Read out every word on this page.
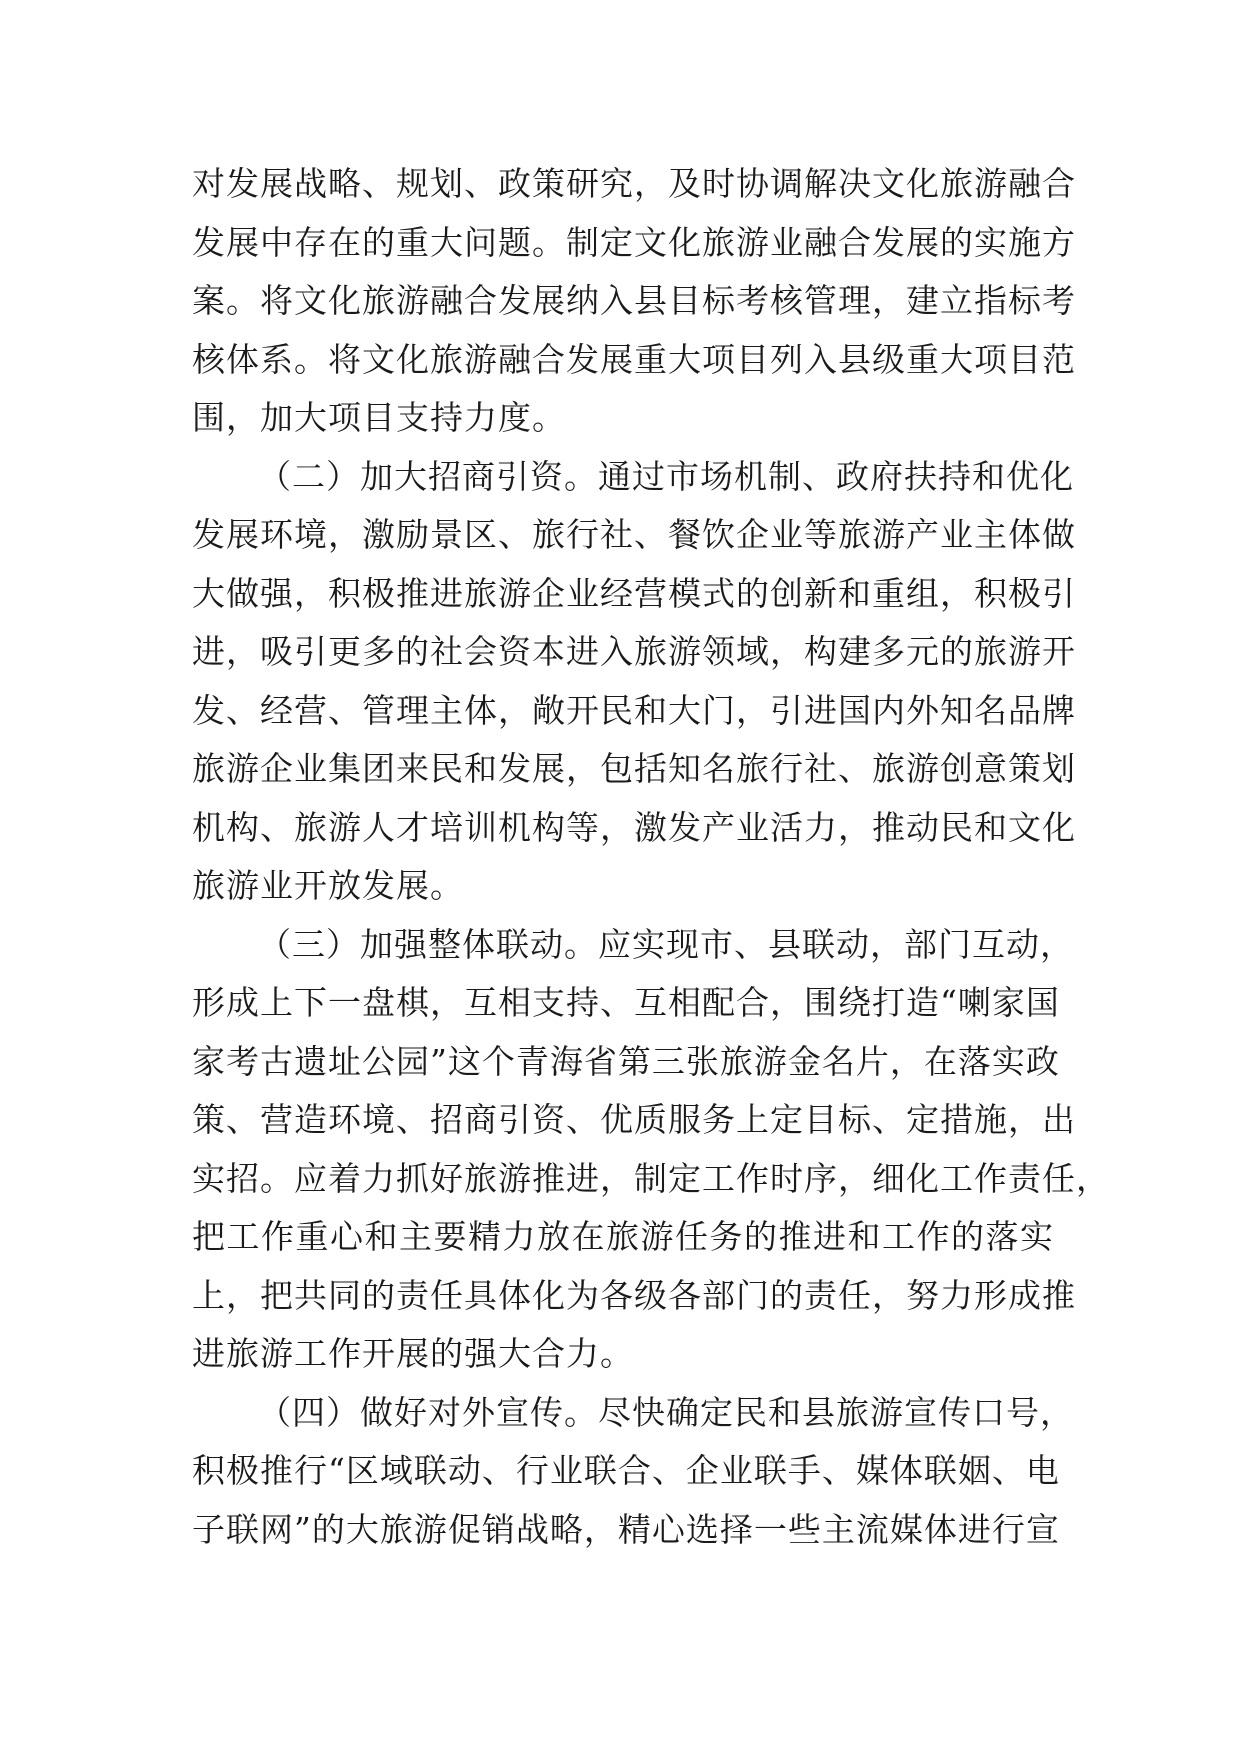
对发展战略、规划、政策研究，及时协调解决文化旅游融合
发展中存在的重大问题。制定文化旅游业融合发展的实施方
案。将文化旅游融合发展纳入县目标考核管理，建立指标考
核体系。将文化旅游融合发展重大项目列入县级重大项目范
围，加大项目支持力度。
（二）加大招商引资。通过市场机制、政府扶持和优化
发展环境，激励景区、旅行社、餐饮企业等旅游产业主体做
大做强，积极推进旅游企业经营模式的创新和重组，积极引
进，吸引更多的社会资本进入旅游领域，构建多元的旅游开
发、经营、管理主体，敞开民和大门，引进国内外知名品牌
旅游企业集团来民和发展，包括知名旅行社、旅游创意策划
机构、旅游人才培训机构等，激发产业活力，推动民和文化
旅游业开放发展。
（三）加强整体联动。应实现市、县联动，部门互动，
形成上下一盘棋，互相支持、互相配合，围绕打造“喇家国
家考古遗址公园”这个青海省第三张旅游金名片，在落实政
策、营造环境、招商引资、优质服务上定目标、定措施，出
实招。应着力抓好旅游推进，制定工作时序，细化工作责任，
把工作重心和主要精力放在旅游任务的推进和工作的落实
上，把共同的责任具体化为各级各部门的责任，努力形成推
进旅游工作开展的强大合力。
（四）做好对外宣传。尽快确定民和县旅游宣传口号，
积极推行“区域联动、行业联合、企业联手、媒体联姻、电
子联网”的大旅游促销战略，精心选择一些主流媒体进行宣
